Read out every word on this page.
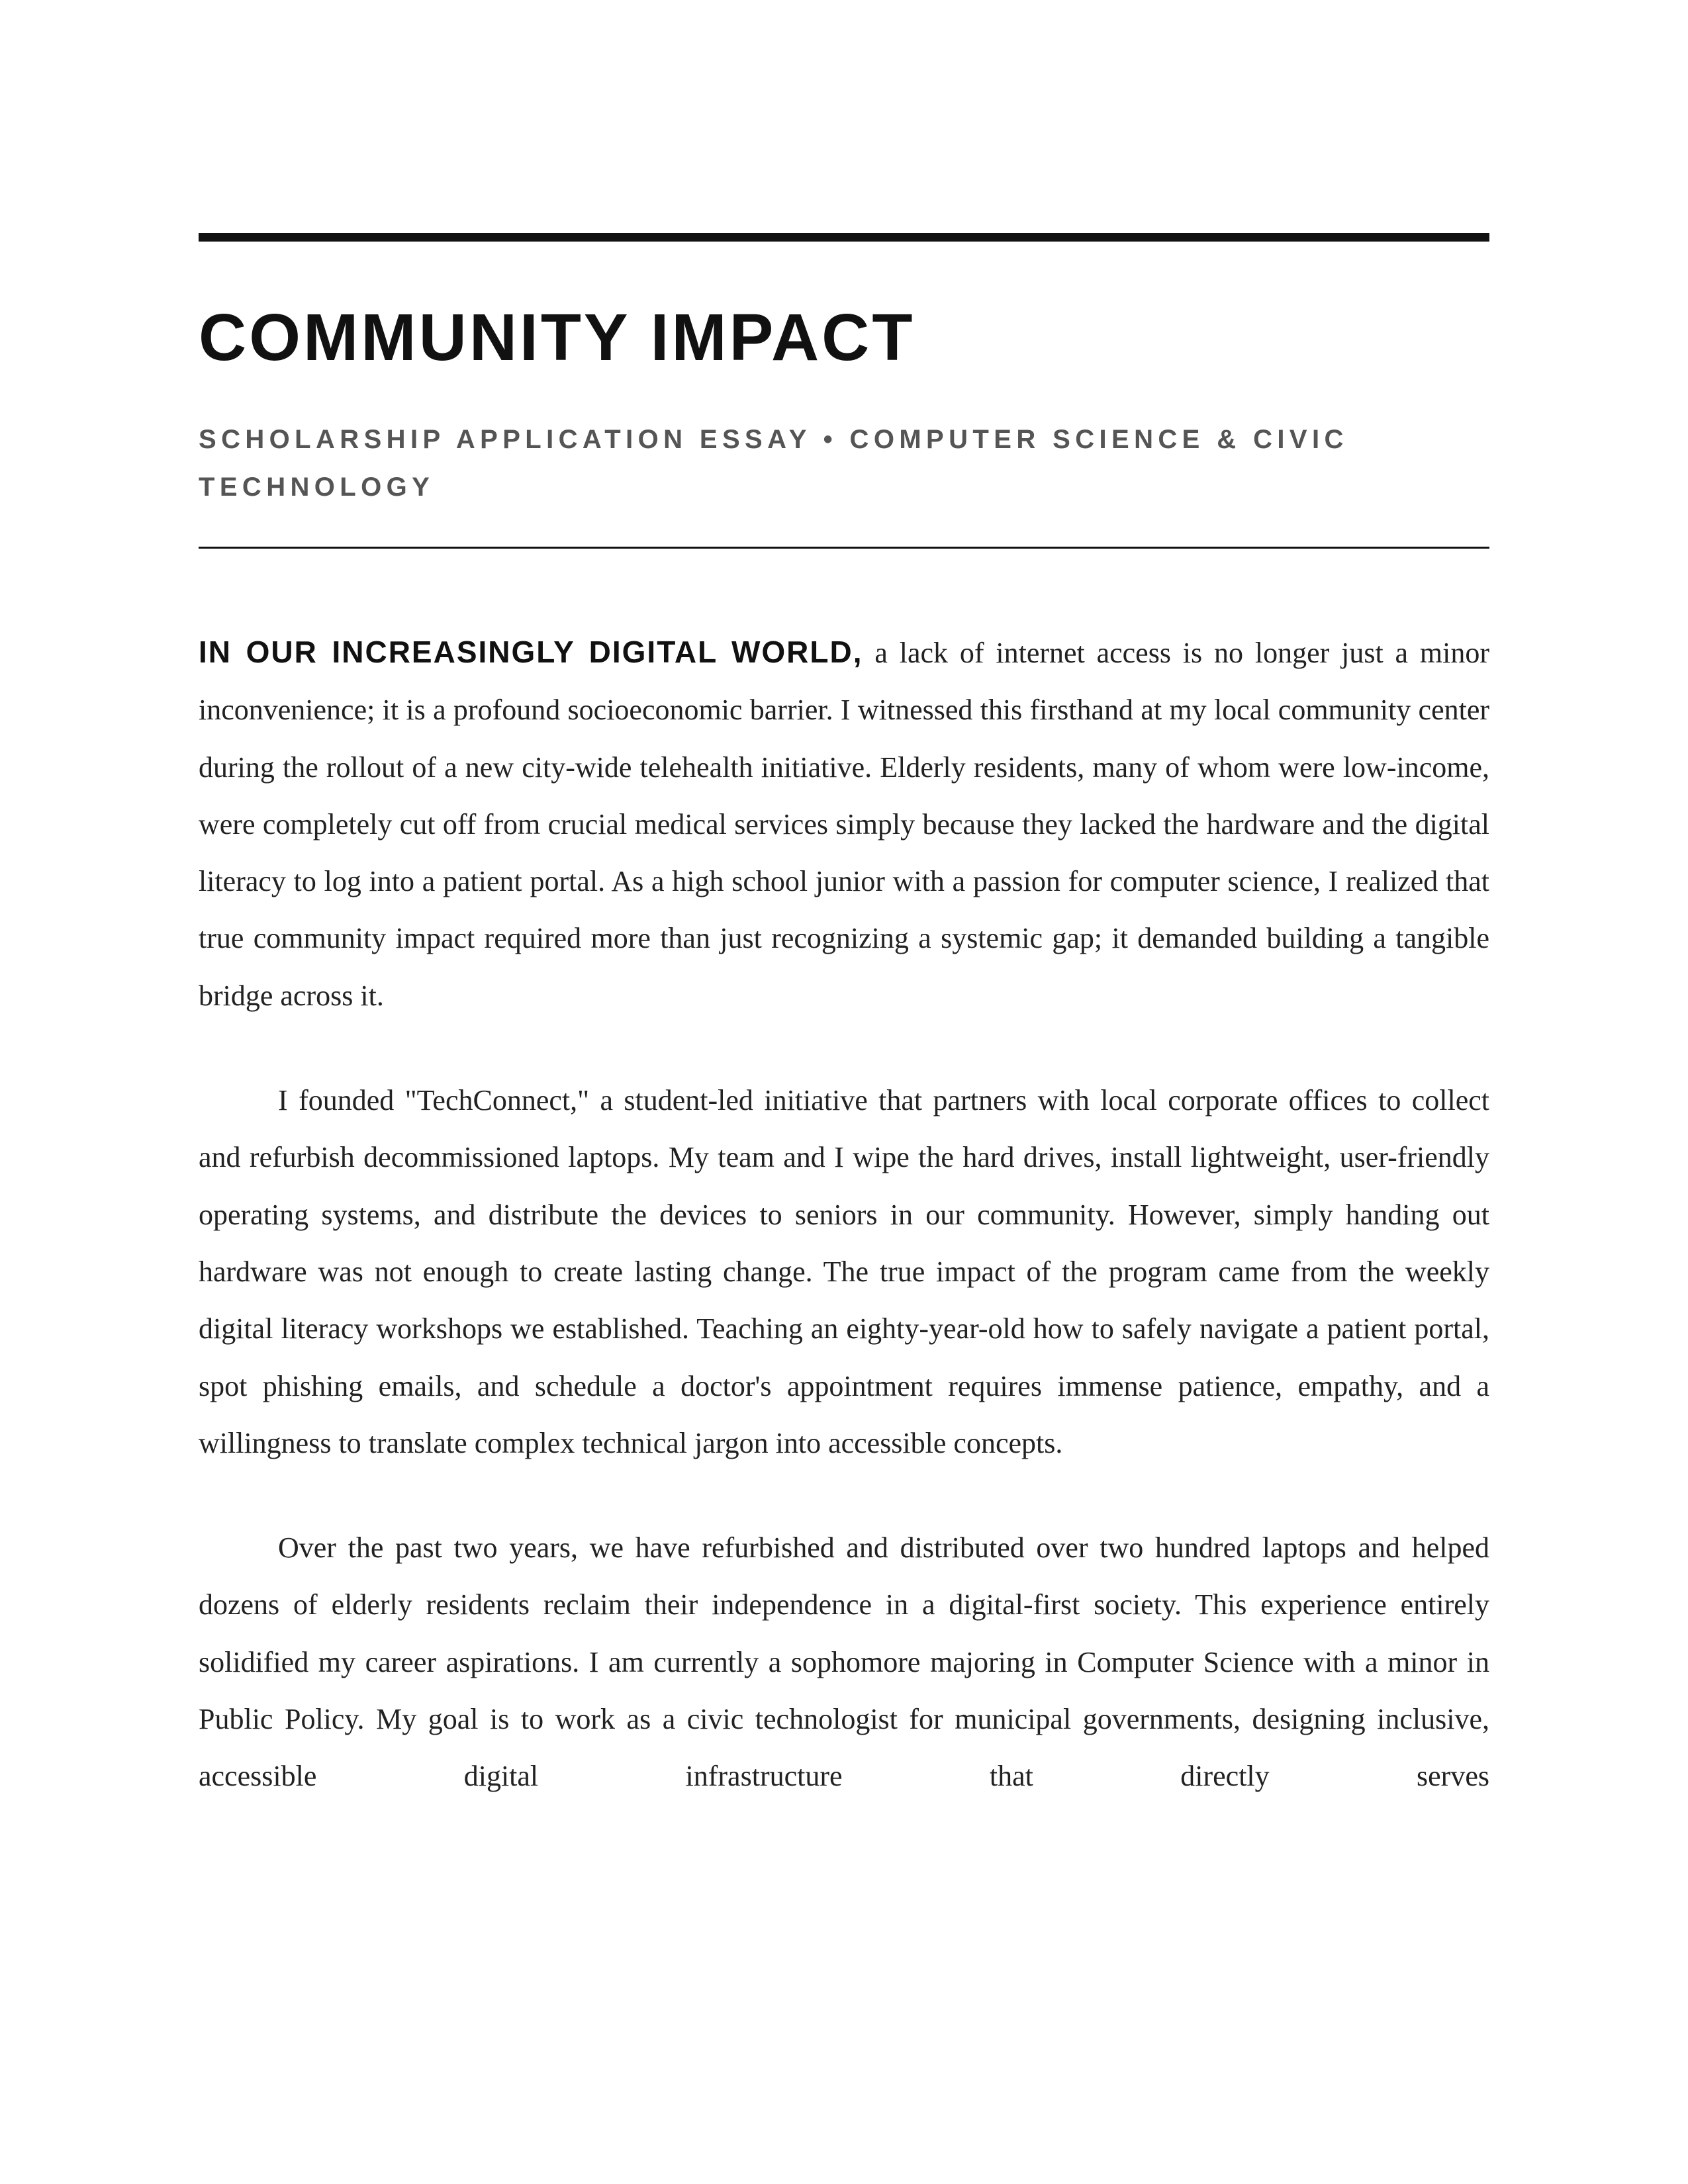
COMMUNITY IMPACT
SCHOLARSHIP APPLICATION ESSAY • COMPUTER SCIENCE & CIVIC TECHNOLOGY

IN OUR INCREASINGLY DIGITAL WORLD, a lack of internet access is no longer just a minor inconvenience; it is a profound socioeconomic barrier. I witnessed this firsthand at my local community center during the rollout of a new city-wide telehealth initiative. Elderly residents, many of whom were low-income, were completely cut off from crucial medical services simply because they lacked the hardware and the digital literacy to log into a patient portal. As a high school junior with a passion for computer science, I realized that true community impact required more than just recognizing a systemic gap; it demanded building a tangible bridge across it.

I founded "TechConnect," a student-led initiative that partners with local corporate offices to collect and refurbish decommissioned laptops. My team and I wipe the hard drives, install lightweight, user-friendly operating systems, and distribute the devices to seniors in our community. However, simply handing out hardware was not enough to create lasting change. The true impact of the program came from the weekly digital literacy workshops we established. Teaching an eighty-year-old how to safely navigate a patient portal, spot phishing emails, and schedule a doctor's appointment requires immense patience, empathy, and a willingness to translate complex technical jargon into accessible concepts.

Over the past two years, we have refurbished and distributed over two hundred laptops and helped dozens of elderly residents reclaim their independence in a digital-first society. This experience entirely solidified my career aspirations. I am currently a sophomore majoring in Computer Science with a minor in Public Policy. My goal is to work as a civic technologist for municipal governments, designing inclusive, accessible digital infrastructure that directly serves
